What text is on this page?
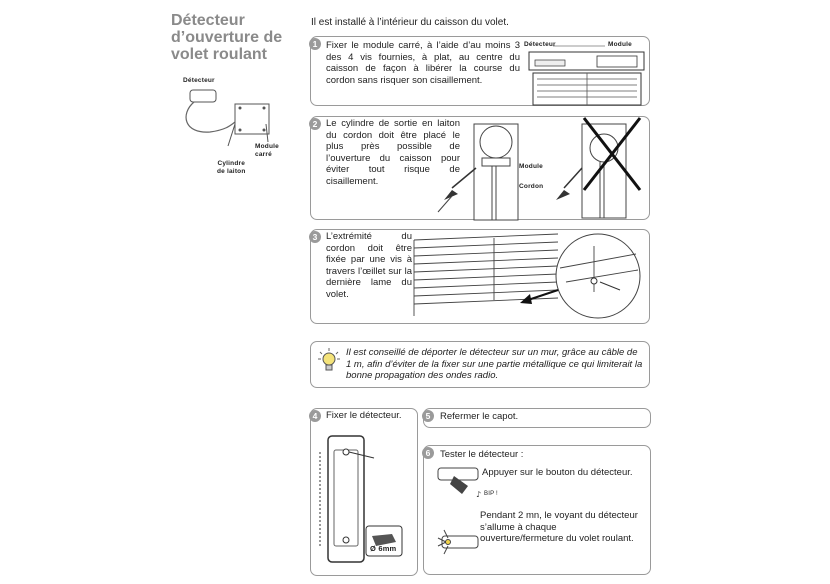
Détecteur
d’ouverture de
volet roulant
Détecteur
Module
carré
Cylindre
de laiton
Il est installé à l’intérieur du caisson du volet.
1 Fixer le module carré, à l’aide d’au moins 3 des 4 vis fournies, à plat, au centre du caisson de façon à libérer la course du cordon sans risquer son cisaillement.
Détecteur	Module
2 Le cylindre de sortie en laiton du cordon doit être placé le plus près possible de l’ouverture du caisson pour éviter tout risque de cisaillement.
Module
Cordon
3 L’extrémité du cordon doit être fixée par une vis à travers l’œillet sur la dernière lame du volet.
Il est conseillé de déporter le détecteur sur un mur, grâce au câble de 1 m, afin d’éviter de la fixer sur une partie métallique ce qui limiterait la bonne propagation des ondes radio.
4 Fixer le détecteur.
Ø 6mm
5	Refermer le capot.
6	Tester le détecteur :
♪
Appuyer sur le bouton du détecteur.
BIP !
Pendant 2 mn, le voyant du détecteur s’allume à chaque ouverture/fermeture du volet roulant.
